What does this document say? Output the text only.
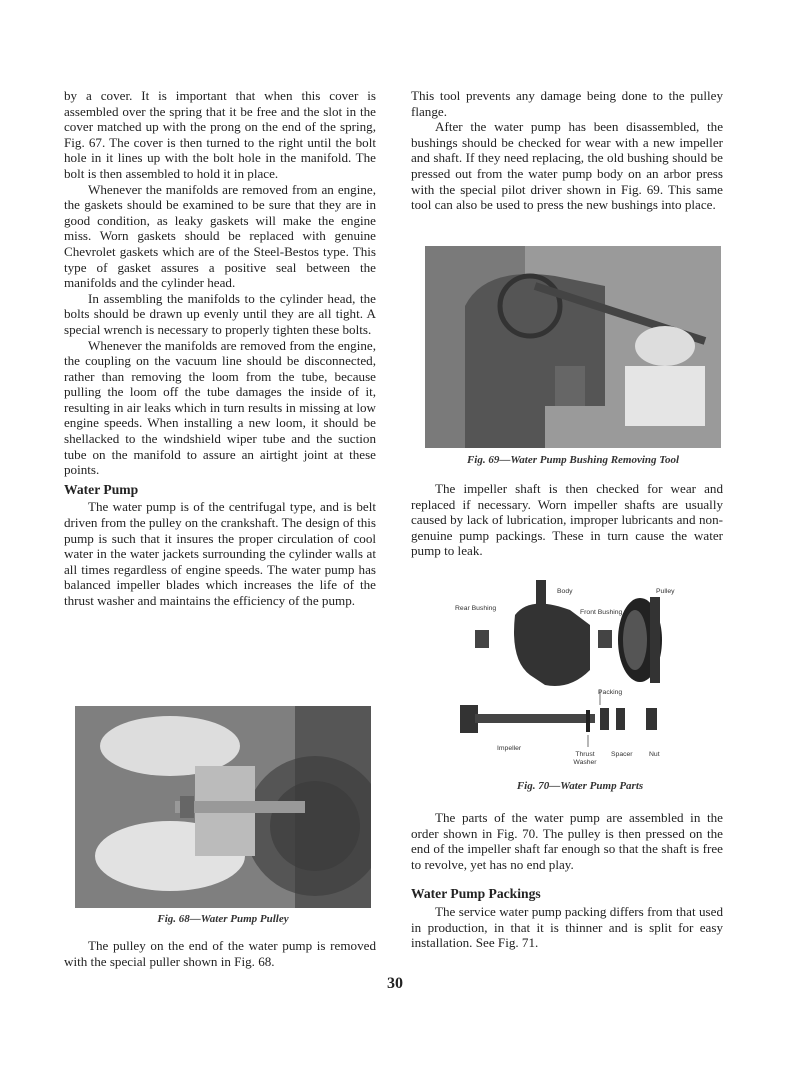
by a cover. It is important that when this cover is assembled over the spring that it be free and the slot in the cover matched up with the prong on the end of the spring, Fig. 67. The cover is then turned to the right until the bolt hole in it lines up with the bolt hole in the manifold. The bolt is then assembled to hold it in place.

Whenever the manifolds are removed from an engine, the gaskets should be examined to be sure that they are in good condition, as leaky gaskets will make the engine miss. Worn gaskets should be replaced with genuine Chevrolet gaskets which are of the Steel-Bestos type. This type of gasket assures a positive seal between the manifolds and the cylinder head.

In assembling the manifolds to the cylinder head, the bolts should be drawn up evenly until they are all tight. A special wrench is necessary to properly tighten these bolts.

Whenever the manifolds are removed from the engine, the coupling on the vacuum line should be disconnected, rather than removing the loom from the tube, because pulling the loom off the tube damages the inside of it, resulting in air leaks which in turn results in missing at low engine speeds. When installing a new loom, it should be shellacked to the windshield wiper tube and the suction tube on the manifold to assure an airtight joint at these points.

Water Pump

The water pump is of the centrifugal type, and is belt driven from the pulley on the crankshaft. The design of this pump is such that it insures the proper circulation of cool water in the water jackets surrounding the cylinder walls at all times regardless of engine speeds. The water pump has balanced impeller blades which increases the life of the thrust washer and maintains the efficiency of the pump.

Fig. 68—Water Pump Pulley

The pulley on the end of the water pump is removed with the special puller shown in Fig. 68.

This tool prevents any damage being done to the pulley flange.

After the water pump has been disassembled, the bushings should be checked for wear with a new impeller and shaft. If they need replacing, the old bushing should be pressed out from the water pump body on an arbor press with the special pilot driver shown in Fig. 69. This same tool can also be used to press the new bushings into place.

Fig. 69—Water Pump Bushing Removing Tool

The impeller shaft is then checked for wear and replaced if necessary. Worn impeller shafts are usually caused by lack of lubrication, improper lubricants and non-genuine pump packings. These in turn cause the water pump to leak.

Body	Pulley
Rear Bushing
Front Bushing
Packing
Impeller
Thrust Washer
Spacer Nut
Fig. 70—Water Pump Parts

The parts of the water pump are assembled in the order shown in Fig. 70. The pulley is then pressed on the end of the impeller shaft far enough so that the shaft is free to revolve, yet has no end play.

Water Pump Packings

The service water pump packing differs from that used in production, in that it is thinner and is split for easy installation. See Fig. 71.

30
